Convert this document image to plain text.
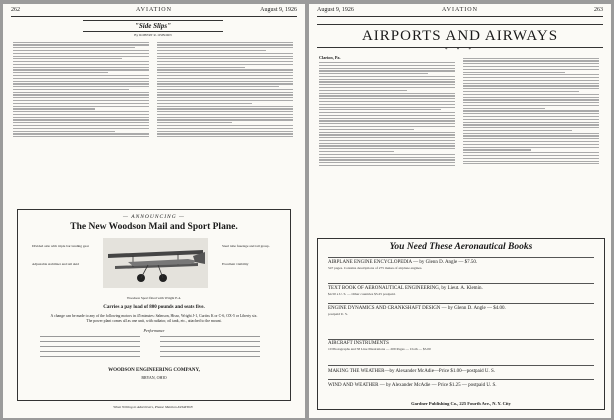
262	AVIATION	August 9, 1926
"Side Slips"
By ROBERT R. OSBORN
— ANNOUNCING —
The New Woodson Mail and Sport Plane.
Divided axle with triple bar landing gear
Adjustable stabilizer and tail skid
Steel tube fuselage and tail group.
Excellent visibility
Woodson Sport fitted with Wright E-4.
Carries a pay load of 800 pounds and seats five.
A change can be made to any of the following motors in 45 minutes: Salmson, Hisso, Wright J-1, Curtiss K or C-6, OX-5 or Liberty six. The power plant comes all as one unit, with radiator, oil tank, etc., attached to the mount.
Performance
WOODSON ENGINEERING COMPANY,
BRYAN, OHIO
When Writing to Advertisers, Please Mention AVIATION
August 9, 1926	AVIATION	263
AIRPORTS AND AIRWAYS
* * *
Clarion, Pa.
You Need These Aeronautical Books
AIRPLANE ENGINE ENCYCLOPEDIA — by Glenn D. Angle — $7.50.
547 pages. Contains descriptions of 275 makes of airplane engines.
TEXT BOOK OF AERONAUTICAL ENGINEERING, by Lieut. A. Klemin.
$4.50 a U. S. — Other countries $5.25 postpaid.
ENGINE DYNAMICS AND CRANKSHAFT DESIGN — by Glenn D. Angle — $4.00.
postpaid U. S.
AIRCRAFT INSTRUMENTS
10 Photographs and 58 Line Illustrations — 209 Pages — Cloth — $5.00
MAKING THE WEATHER—by Alexander McAdie—Price $1.00—postpaid U. S.
WIND AND WEATHER — by Alexander McAdie — Price $1.25 — postpaid U. S.
Gardner Publishing Co., 225 Fourth Ave., N. Y. City
